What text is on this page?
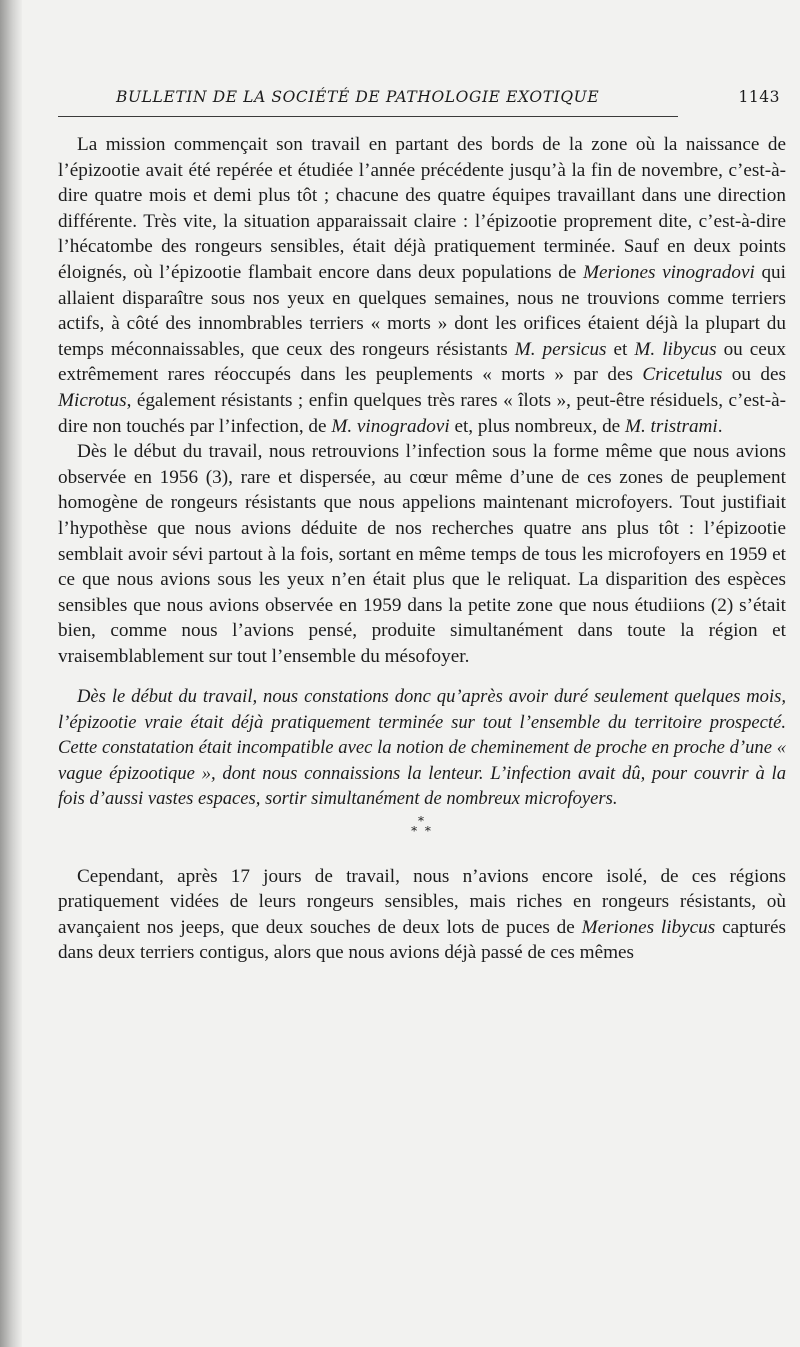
BULLETIN DE LA SOCIÉTÉ DE PATHOLOGIE EXOTIQUE	1143

La mission commençait son travail en partant des bords de la zone où la naissance de l’épizootie avait été repérée et étudiée l’année précédente jusqu’à la fin de novembre, c’est-à-dire quatre mois et demi plus tôt ; chacune des quatre équipes travaillant dans une direction différente. Très vite, la situation apparaissait claire : l’épizootie proprement dite, c’est-à-dire l’hécatombe des rongeurs sensibles, était déjà pratiquement terminée. Sauf en deux points éloignés, où l’épizootie flambait encore dans deux populations de Meriones vinogradovi qui allaient disparaître sous nos yeux en quelques semaines, nous ne trouvions comme terriers actifs, à côté des innombrables terriers « morts » dont les orifices étaient déjà la plupart du temps méconnaissables, que ceux des rongeurs résistants M. persicus et M. libycus ou ceux extrêmement rares réoccupés dans les peuplements « morts » par des Cricetulus ou des Microtus, également résistants ; enfin quelques très rares « îlots », peut-être résiduels, c’est-à-dire non touchés par l’infection, de M. vinogradovi et, plus nombreux, de M. tristrami.

Dès le début du travail, nous retrouvions l’infection sous la forme même que nous avions observée en 1956 (3), rare et dispersée, au cœur même d’une de ces zones de peuplement homogène de rongeurs résistants que nous appelions maintenant microfoyers. Tout justifiait l’hypothèse que nous avions déduite de nos recherches quatre ans plus tôt : l’épizootie semblait avoir sévi partout à la fois, sortant en même temps de tous les microfoyers en 1959 et ce que nous avions sous les yeux n’en était plus que le reliquat. La disparition des espèces sensibles que nous avions observée en 1959 dans la petite zone que nous étudiions (2) s’était bien, comme nous l’avions pensé, produite simultanément dans toute la région et vraisemblablement sur tout l’ensemble du mésofoyer.

Dès le début du travail, nous constations donc qu’après avoir duré seulement quelques mois, l’épizootie vraie était déjà pratiquement terminée sur tout l’ensemble du territoire prospecté. Cette constatation était incompatible avec la notion de cheminement de proche en proche d’une « vague épizootique », dont nous connaissions la lenteur. L’infection avait dû, pour couvrir à la fois d’aussi vastes espaces, sortir simultanément de nombreux microfoyers.

*
* *

Cependant, après 17 jours de travail, nous n’avions encore isolé, de ces régions pratiquement vidées de leurs rongeurs sensibles, mais riches en rongeurs résistants, où avançaient nos jeeps, que deux souches de deux lots de puces de Meriones libycus capturés dans deux terriers contigus, alors que nous avions déjà passé de ces mêmes
